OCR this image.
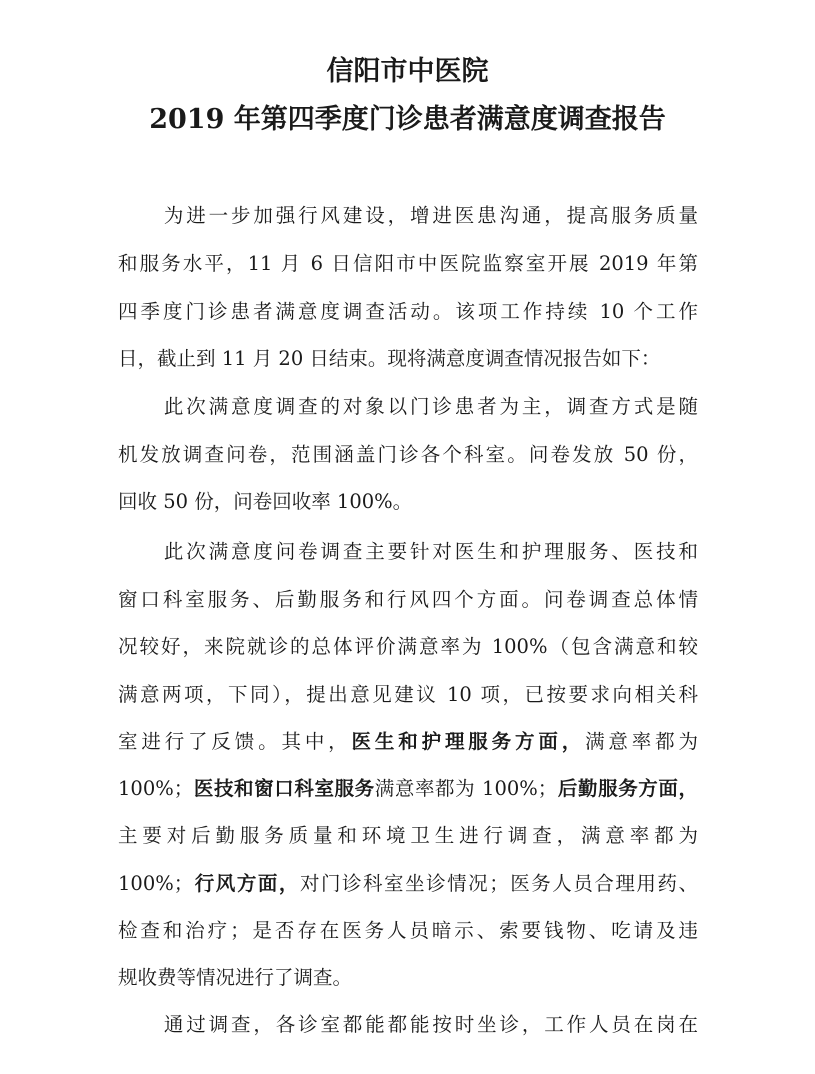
信阳市中医院
2019 年第四季度门诊患者满意度调查报告
为进一步加强行风建设，增进医患沟通，提高服务质量
和服务水平，11 月 6 日信阳市中医院监察室开展 2019 年第
四季度门诊患者满意度调查活动。该项工作持续 10 个工作
日，截止到 11 月 20 日结束。现将满意度调查情况报告如下：
此次满意度调查的对象以门诊患者为主，调查方式是随
机发放调查问卷，范围涵盖门诊各个科室。问卷发放 50 份，
回收 50 份，问卷回收率 100%。
此次满意度问卷调查主要针对医生和护理服务、医技和
窗口科室服务、后勤服务和行风四个方面。问卷调查总体情
况较好，来院就诊的总体评价满意率为 100%（包含满意和较
满意两项，下同），提出意见建议 10 项，已按要求向相关科
室进行了反馈。其中，医生和护理服务方面，满意率都为
100%；医技和窗口科室服务满意率都为 100%；后勤服务方面，
主要对后勤服务质量和环境卫生进行调查，满意率都为
100%；行风方面，对门诊科室坐诊情况；医务人员合理用药、
检查和治疗；是否存在医务人员暗示、索要钱物、吃请及违
规收费等情况进行了调查。
通过调查，各诊室都能都能按时坐诊，工作人员在岗在
